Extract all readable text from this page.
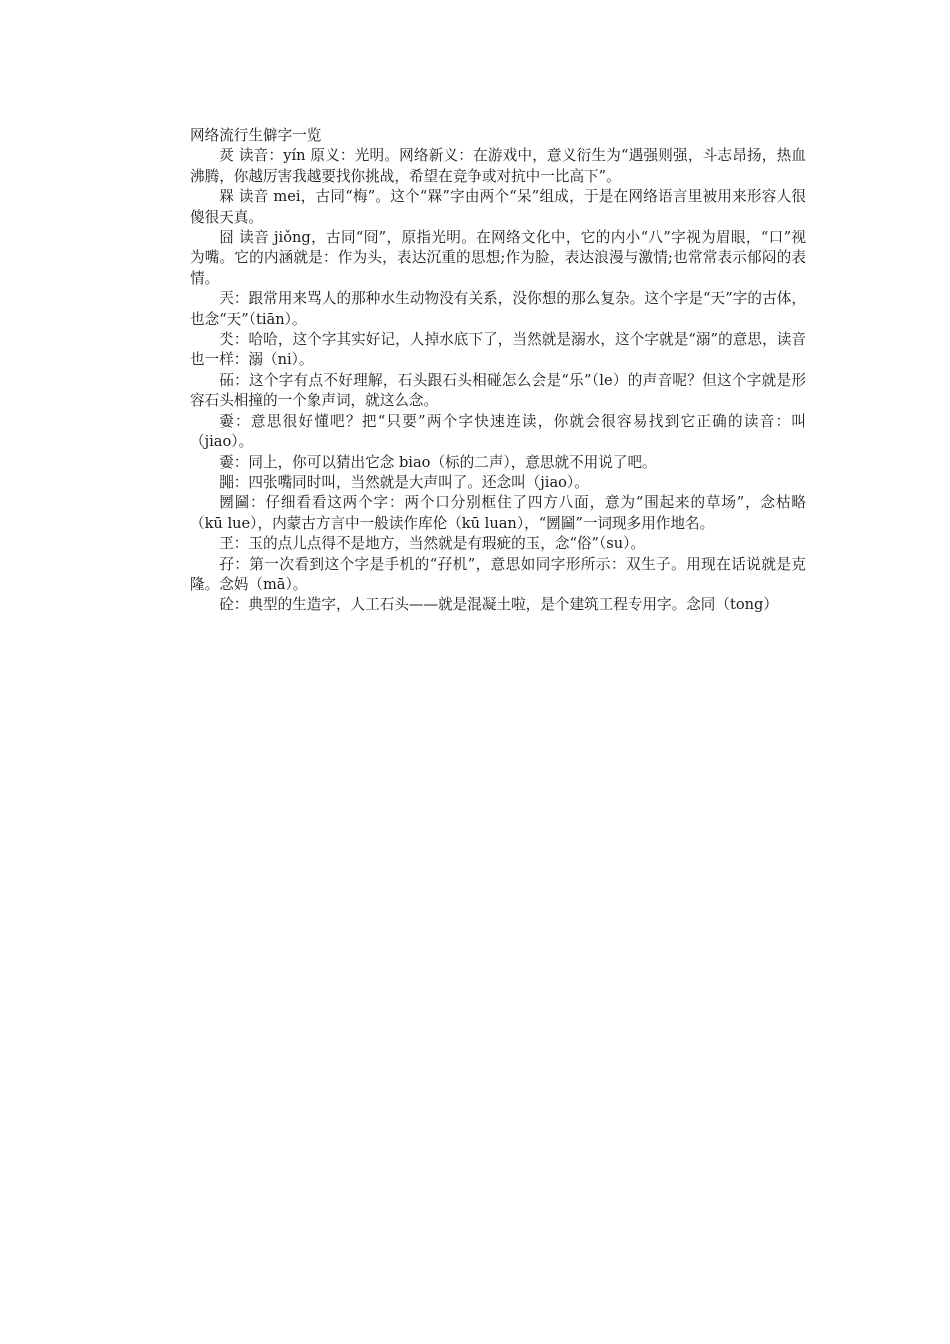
网络流行生僻字一览

烎 读音：yín 原义：光明。网络新义：在游戏中，意义衍生为“遇强则强，斗志昂扬，热血沸腾，你越厉害我越要找你挑战，希望在竞争或对抗中一比高下”。

槑 读音 mei，古同“梅”。这个“槑”字由两个“呆”组成，于是在网络语言里被用来形容人很傻很天真。

囧 读音 jiǒng，古同“冏”，原指光明。在网络文化中，它的内小“八”字视为眉眼，“口”视为嘴。它的内涵就是：作为头，表达沉重的思想;作为脸，表达浪漫与激情;也常常表示郁闷的表情。

兲：跟常用来骂人的那种水生动物没有关系，没你想的那么复杂。这个字是“天”字的古体，也念“天”（tiān）。

氼：哈哈，这个字其实好记，人掉水底下了，当然就是溺水，这个字就是“溺”的意思，读音也一样：溺（ni）。

砳：这个字有点不好理解，石头跟石头相碰怎么会是“乐”（le）的声音呢？但这个字就是形容石头相撞的一个象声词，就这么念。

嫑：意思很好懂吧？把“只要”两个字快速连读，你就会很容易找到它正确的读音：叫（jiao）。

嫑：同上，你可以猜出它念 biao（标的二声），意思就不用说了吧。

嘂：四张嘴同时叫，当然就是大声叫了。还念叫（jiao）。

圐圙：仔细看看这两个字：两个口分别框住了四方八面，意为“围起来的草场”，念枯略（kū lue），内蒙古方言中一般读作库伦（kū luan），“圐圙”一词现多用作地名。

玊：玉的点儿点得不是地方，当然就是有瑕疵的玉，念“俗”（su）。

孖：第一次看到这个字是手机的“孖机”，意思如同字形所示：双生子。用现在话说就是克隆。念妈（mā）。

砼：典型的生造字，人工石头——就是混凝土啦，是个建筑工程专用字。念同（tong）
